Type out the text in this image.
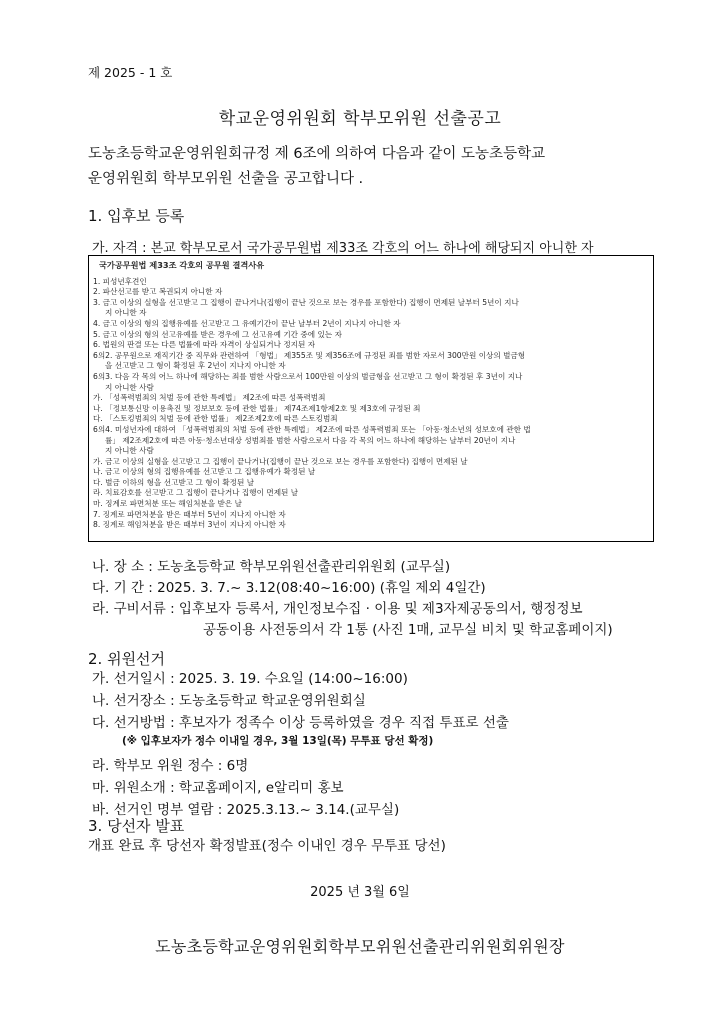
제 2025 - 1 호
학교운영위원회 학부모위원 선출공고
도농초등학교운영위원회규정 제 6조에 의하여 다음과 같이 도농초등학교
운영위원회 학부모위원 선출을 공고합니다 .
1. 입후보 등록
가. 자격 : 본교 학부모로서 국가공무원법 제33조 각호의 어느 하나에 해당되지 아니한 자
국가공무원법 제33조 각호의 공무원 결격사유
1. 피성년후견인
2. 파산선고를 받고 복권되지 아니한 자
3. 금고 이상의 실형을 선고받고 그 집행이 끝나거나(집행이 끝난 것으로 보는 경우를 포함한다) 집행이 면제된 날부터 5년이 지나
지 아니한 자
4. 금고 이상의 형의 집행유예를 선고받고 그 유예기간이 끝난 날부터 2년이 지나지 아니한 자
5. 금고 이상의 형의 선고유예를 받은 경우에 그 선고유예 기간 중에 있는 자
6. 법원의 판결 또는 다른 법률에 따라 자격이 상실되거나 정지된 자
6의2. 공무원으로 재직기간 중 직무와 관련하여 「형법」 제355조 및 제356조에 규정된 죄를 범한 자로서 300만원 이상의 벌금형
을 선고받고 그 형이 확정된 후 2년이 지나지 아니한 자
6의3. 다음 각 목의 어느 하나에 해당하는 죄를 범한 사람으로서 100만원 이상의 벌금형을 선고받고 그 형이 확정된 후 3년이 지나
지 아니한 사람
가. 「성폭력범죄의 처벌 등에 관한 특례법」 제2조에 따른 성폭력범죄
나. 「정보통신망 이용촉진 및 정보보호 등에 관한 법률」 제74조제1항제2호 및 제3호에 규정된 죄
다. 「스토킹범죄의 처벌 등에 관한 법률」 제2조제2호에 따른 스토킹범죄
6의4. 미성년자에 대하여 「성폭력범죄의 처벌 등에 관한 특례법」 제2조에 따른 성폭력범죄 또는 「아동·청소년의 성보호에 관한 법
률」 제2조제2호에 따른 아동·청소년대상 성범죄를 범한 사람으로서 다음 각 목의 어느 하나에 해당하는 날부터 20년이 지나
지 아니한 사람
가. 금고 이상의 실형을 선고받고 그 집행이 끝나거나(집행이 끝난 것으로 보는 경우를 포함한다) 집행이 면제된 날
나. 금고 이상의 형의 집행유예를 선고받고 그 집행유예가 확정된 날
다. 벌금 이하의 형을 선고받고 그 형이 확정된 날
라. 치료감호를 선고받고 그 집행이 끝나거나 집행이 면제된 날
마. 징계로 파면처분 또는 해임처분을 받은 날
7. 징계로 파면처분을 받은 때부터 5년이 지나지 아니한 자
8. 징계로 해임처분을 받은 때부터 3년이 지나지 아니한 자
나. 장 소 : 도농초등학교 학부모위원선출관리위원회 (교무실)
다. 기 간 : 2025. 3. 7.~ 3.12(08:40~16:00) (휴일 제외 4일간)
라. 구비서류 : 입후보자 등록서, 개인정보수집 · 이용 및 제3자제공동의서, 행정정보
공동이용 사전동의서 각 1통 (사진 1매, 교무실 비치 및 학교홈페이지)
2. 위원선거
가. 선거일시 : 2025. 3. 19. 수요일 (14:00~16:00)
나. 선거장소 : 도농초등학교 학교운영위원회실
다. 선거방법 : 후보자가 정족수 이상 등록하였을 경우 직접 투표로 선출
(※ 입후보자가 정수 이내일 경우, 3월 13일(목) 무투표 당선 확정)
라. 학부모 위원 정수 : 6명
마. 위원소개 : 학교홈페이지, e알리미 홍보
바. 선거인 명부 열람 : 2025.3.13.~ 3.14.(교무실)
3. 당선자 발표
개표 완료 후 당선자 확정발표(정수 이내인 경우 무투표 당선)
2025 년 3월 6일
도농초등학교운영위원회학부모위원선출관리위원회위원장
